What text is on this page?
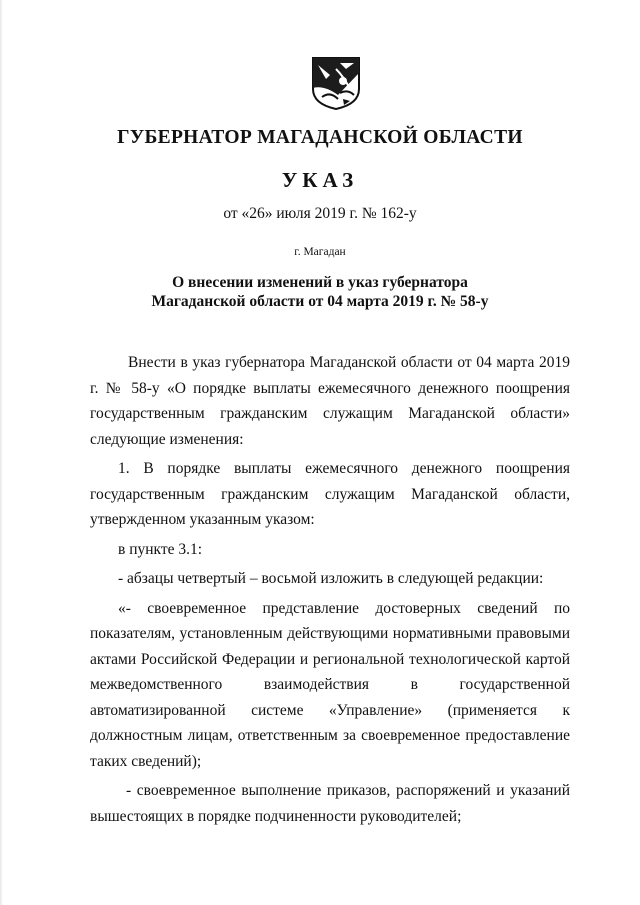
ГУБЕРНАТОР МАГАДАНСКОЙ ОБЛАСТИ
УКАЗ
от «26» июля 2019 г. № 162-у
г. Магадан
О внесении изменений в указ губернатора
Магаданской области от 04 марта 2019 г. № 58-у

Внести в указ губернатора Магаданской области от 04 марта 2019 г. № 58-у «О порядке выплаты ежемесячного денежного поощрения государственным гражданским служащим Магаданской области» следующие изменения:

1. В порядке выплаты ежемесячного денежного поощрения государственным гражданским служащим Магаданской области, утвержденном указанным указом:

в пункте 3.1:

- абзацы четвертый – восьмой изложить в следующей редакции:

«- своевременное представление достоверных сведений по показателям, установленным действующими нормативными правовыми актами Российской Федерации и региональной технологической картой межведомственного взаимодействия в государственной автоматизированной системе «Управление» (применяется к должностным лицам, ответственным за своевременное предоставление таких сведений);

- своевременное выполнение приказов, распоряжений и указаний вышестоящих в порядке подчиненности руководителей;
